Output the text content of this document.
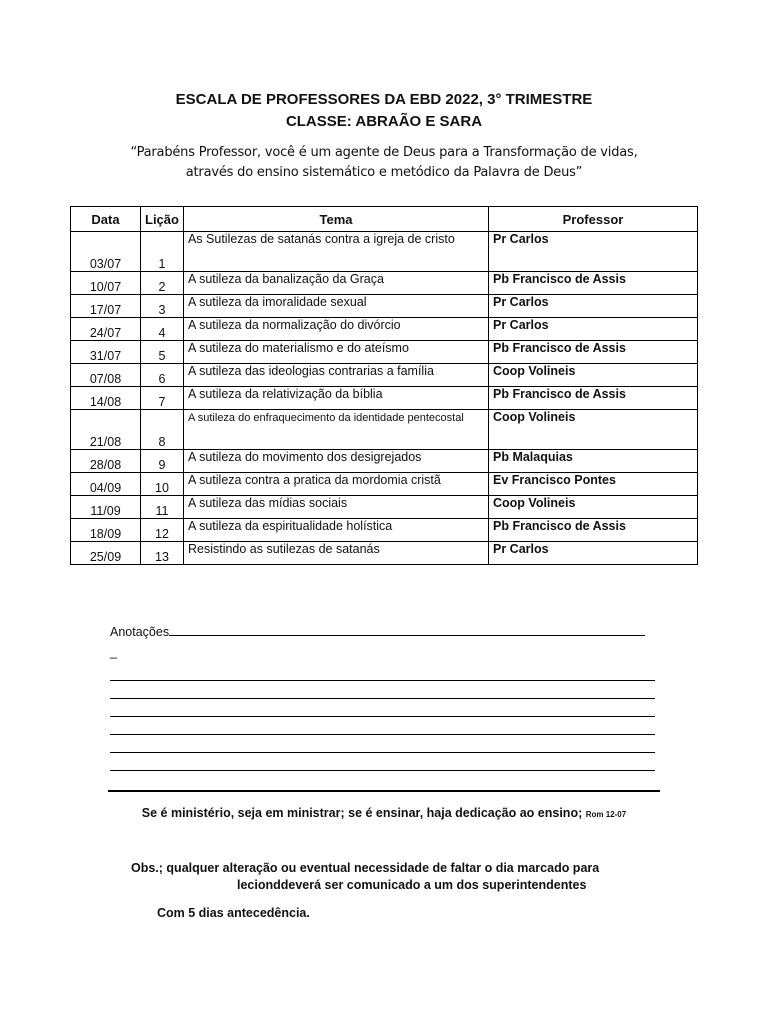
ESCALA DE PROFESSORES DA EBD 2022, 3° TRIMESTRE
CLASSE: ABRAÃO E SARA
“Parabéns Professor, você é um agente de Deus para a Transformação de vidas,
através do ensino sistemático e metódico da Palavra de Deus”
Data	Lição	Tema	Professor
03/07	1	As Sutilezas de satanás contra a igreja de cristo	Pr Carlos
10/07	2	A sutileza da banalização da Graça	Pb Francisco de Assis
17/07	3	A sutileza da imoralidade sexual	Pr Carlos
24/07	4	A sutileza da normalização do divórcio	Pr Carlos
31/07	5	A sutileza do materialismo e do ateísmo	Pb Francisco de Assis
07/08	6	A sutileza das ideologias contrarias a família	Coop Volineis
14/08	7	A sutileza da relativização da bíblia	Pb Francisco de Assis
21/08	8	A sutileza do enfraquecimento da identidade pentecostal	Coop Volineis
28/08	9	A sutileza do movimento dos desigrejados	Pb Malaquias
04/09	10	A sutileza contra a pratica da mordomia cristã	Ev Francisco Pontes
11/09	11	A sutileza das mídias sociais	Coop Volineis
18/09	12	A sutileza da espiritualidade holística	Pb Francisco de Assis
25/09	13	Resistindo as sutilezas de satanás	Pr Carlos
Anotações
_
Se é ministério, seja em ministrar; se é ensinar, haja dedicação ao ensino; Rom 12-07
Obs.; qualquer alteração ou eventual necessidade de faltar o dia marcado para
lecionddeverá ser comunicado a um dos superintendentes
Com 5 dias antecedência.
